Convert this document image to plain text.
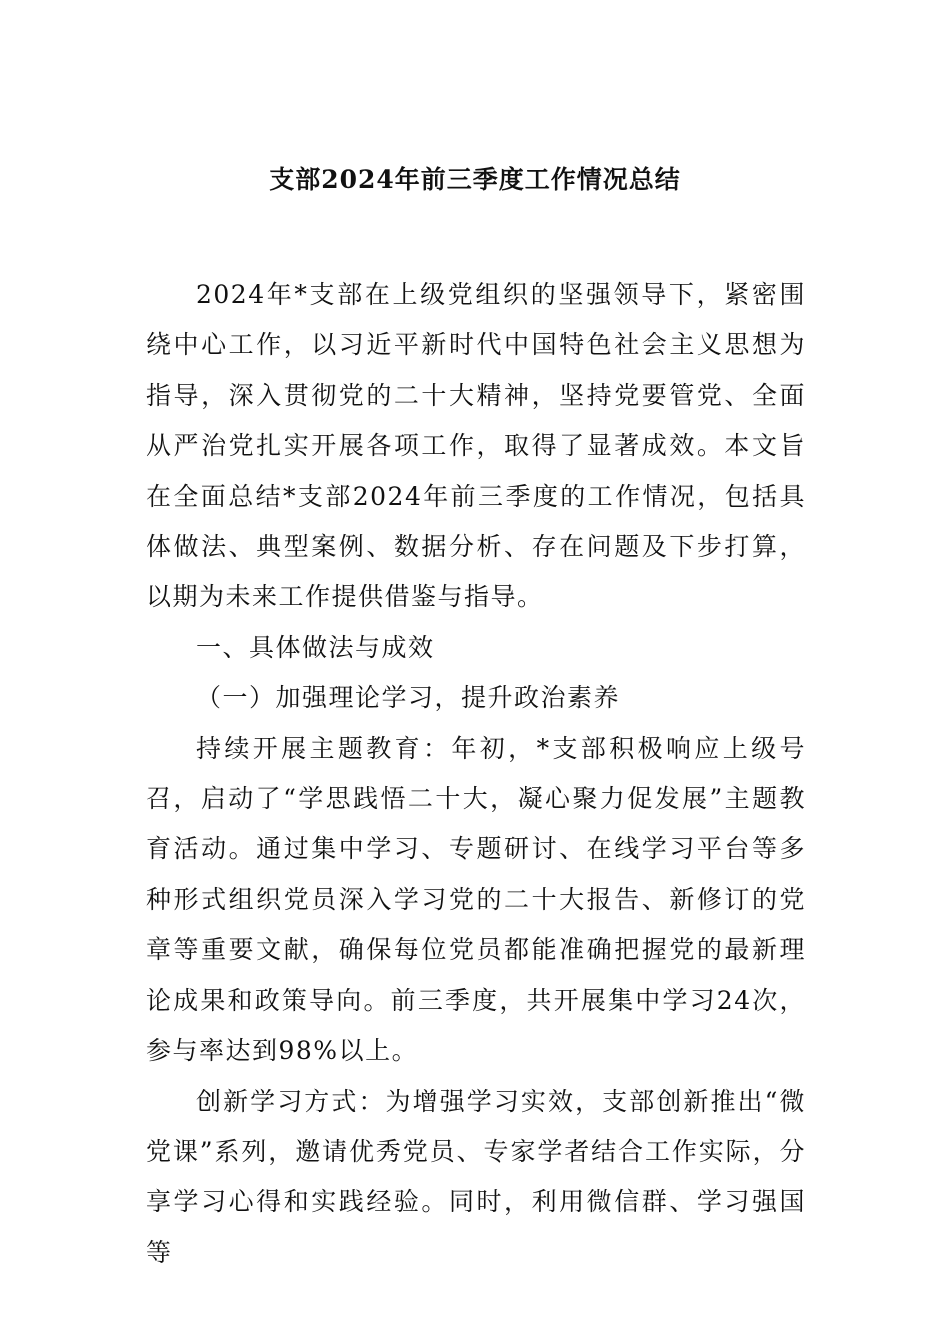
支部2024年前三季度工作情况总结

2024年*支部在上级党组织的坚强领导下，紧密围绕中心工作，以习近平新时代中国特色社会主义思想为指导，深入贯彻党的二十大精神，坚持党要管党、全面从严治党扎实开展各项工作，取得了显著成效。本文旨在全面总结*支部2024年前三季度的工作情况，包括具体做法、典型案例、数据分析、存在问题及下步打算，以期为未来工作提供借鉴与指导。

一、具体做法与成效

（一）加强理论学习，提升政治素养

持续开展主题教育：年初，*支部积极响应上级号召，启动了“学思践悟二十大，凝心聚力促发展”主题教育活动。通过集中学习、专题研讨、在线学习平台等多种形式组织党员深入学习党的二十大报告、新修订的党章等重要文献，确保每位党员都能准确把握党的最新理论成果和政策导向。前三季度，共开展集中学习24次，参与率达到98%以上。

创新学习方式：为增强学习实效，支部创新推出“微党课”系列，邀请优秀党员、专家学者结合工作实际，分享学习心得和实践经验。同时，利用微信群、学习强国等
